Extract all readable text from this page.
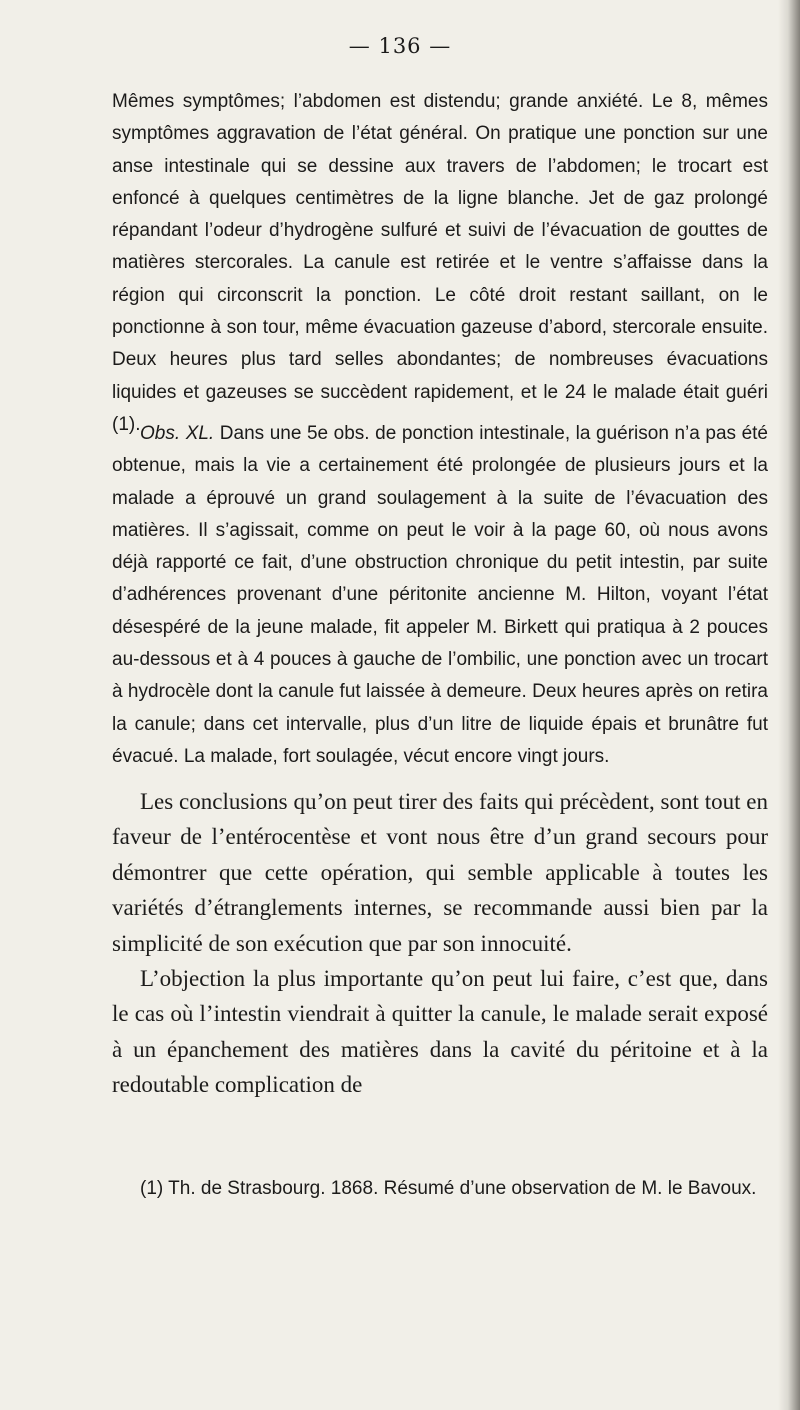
— 136 —

Mêmes symptômes; l’abdomen est distendu; grande anxiété. Le 8, mêmes symptômes aggravation de l’état général. On pratique une ponction sur une anse intestinale qui se dessine aux travers de l’abdomen; le trocart est enfoncé à quelques centimètres de la ligne blanche. Jet de gaz prolongé répandant l’odeur d’hydrogène sulfuré et suivi de l’évacuation de gouttes de matières stercorales. La canule est retirée et le ventre s’affaisse dans la région qui circonscrit la ponction. Le côté droit restant saillant, on le ponctionne à son tour, même évacuation gazeuse d’abord, stercorale ensuite. Deux heures plus tard selles abondantes; de nombreuses évacuations liquides et gazeuses se succèdent rapidement, et le 24 le malade était guéri (1). Obs. XL. Dans une 5e obs. de ponction intestinale, la guérison n’a pas été obtenue, mais la vie a certainement été prolongée de plusieurs jours et la malade a éprouvé un grand soulagement à la suite de l’évacuation des matières. Il s’agissait, comme on peut le voir à la page 60, où nous avons déjà rapporté ce fait, d’une obstruction chronique du petit intestin, par suite d’adhérences provenant d’une péritonite ancienne M. Hilton, voyant l’état désespéré de la jeune malade, fit appeler M. Birkett qui pratiqua à 2 pouces au-dessous et à 4 pouces à gauche de l’ombilic, une ponction avec un trocart à hydrocèle dont la canule fut laissée à demeure. Deux heures après on retira la canule; dans cet intervalle, plus d’un litre de liquide épais et brunâtre fut évacué. La malade, fort soulagée, vécut encore vingt jours.

Les conclusions qu’on peut tirer des faits qui précèdent, sont tout en faveur de l’entérocentèse et vont nous être d’un grand secours pour démontrer que cette opération, qui semble applicable à toutes les variétés d’étranglements internes, se recommande aussi bien par la simplicité de son exécution que par son innocuité.

L’objection la plus importante qu’on peut lui faire, c’est que, dans le cas où l’intestin viendrait à quitter la canule, le malade serait exposé à un épanchement des matières dans la cavité du péritoine et à la redoutable complication de

(1) Th. de Strasbourg. 1868. Résumé d’une observation de M. le Bavoux.
